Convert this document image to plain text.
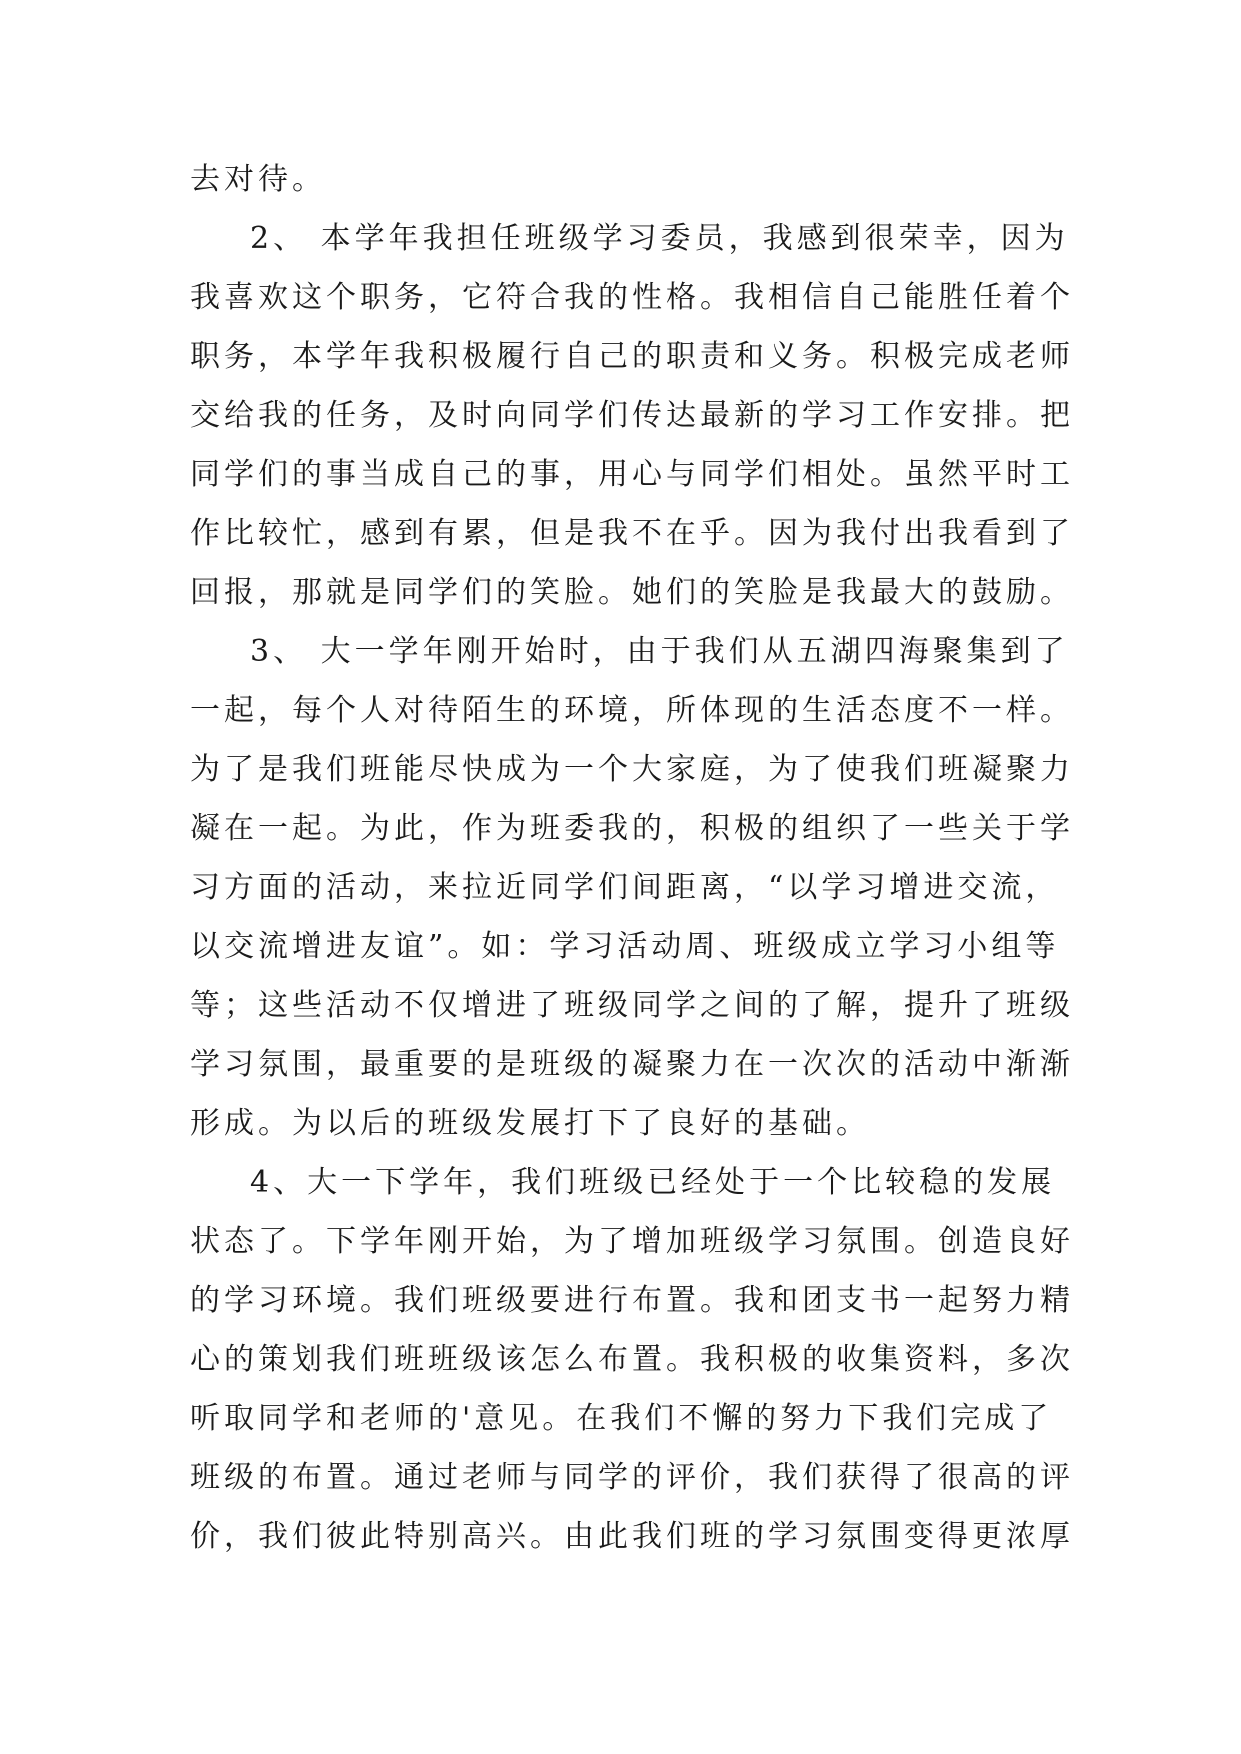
去对待。
2、 本学年我担任班级学习委员，我感到很荣幸，因为
我喜欢这个职务，它符合我的性格。我相信自己能胜任着个
职务，本学年我积极履行自己的职责和义务。积极完成老师
交给我的任务，及时向同学们传达最新的学习工作安排。把
同学们的事当成自己的事，用心与同学们相处。虽然平时工
作比较忙，感到有累，但是我不在乎。因为我付出我看到了
回报，那就是同学们的笑脸。她们的笑脸是我最大的鼓励。
3、 大一学年刚开始时，由于我们从五湖四海聚集到了
一起，每个人对待陌生的环境，所体现的生活态度不一样。
为了是我们班能尽快成为一个大家庭，为了使我们班凝聚力
凝在一起。为此，作为班委我的，积极的组织了一些关于学
习方面的活动，来拉近同学们间距离，“以学习增进交流，
以交流增进友谊”。如：学习活动周、班级成立学习小组等
等；这些活动不仅增进了班级同学之间的了解，提升了班级
学习氛围，最重要的是班级的凝聚力在一次次的活动中渐渐
形成。为以后的班级发展打下了良好的基础。
4、大一下学年，我们班级已经处于一个比较稳的发展
状态了。下学年刚开始，为了增加班级学习氛围。创造良好
的学习环境。我们班级要进行布置。我和团支书一起努力精
心的策划我们班班级该怎么布置。我积极的收集资料，多次
听取同学和老师的'意见。在我们不懈的努力下我们完成了
班级的布置。通过老师与同学的评价，我们获得了很高的评
价，我们彼此特别高兴。由此我们班的学习氛围变得更浓厚
